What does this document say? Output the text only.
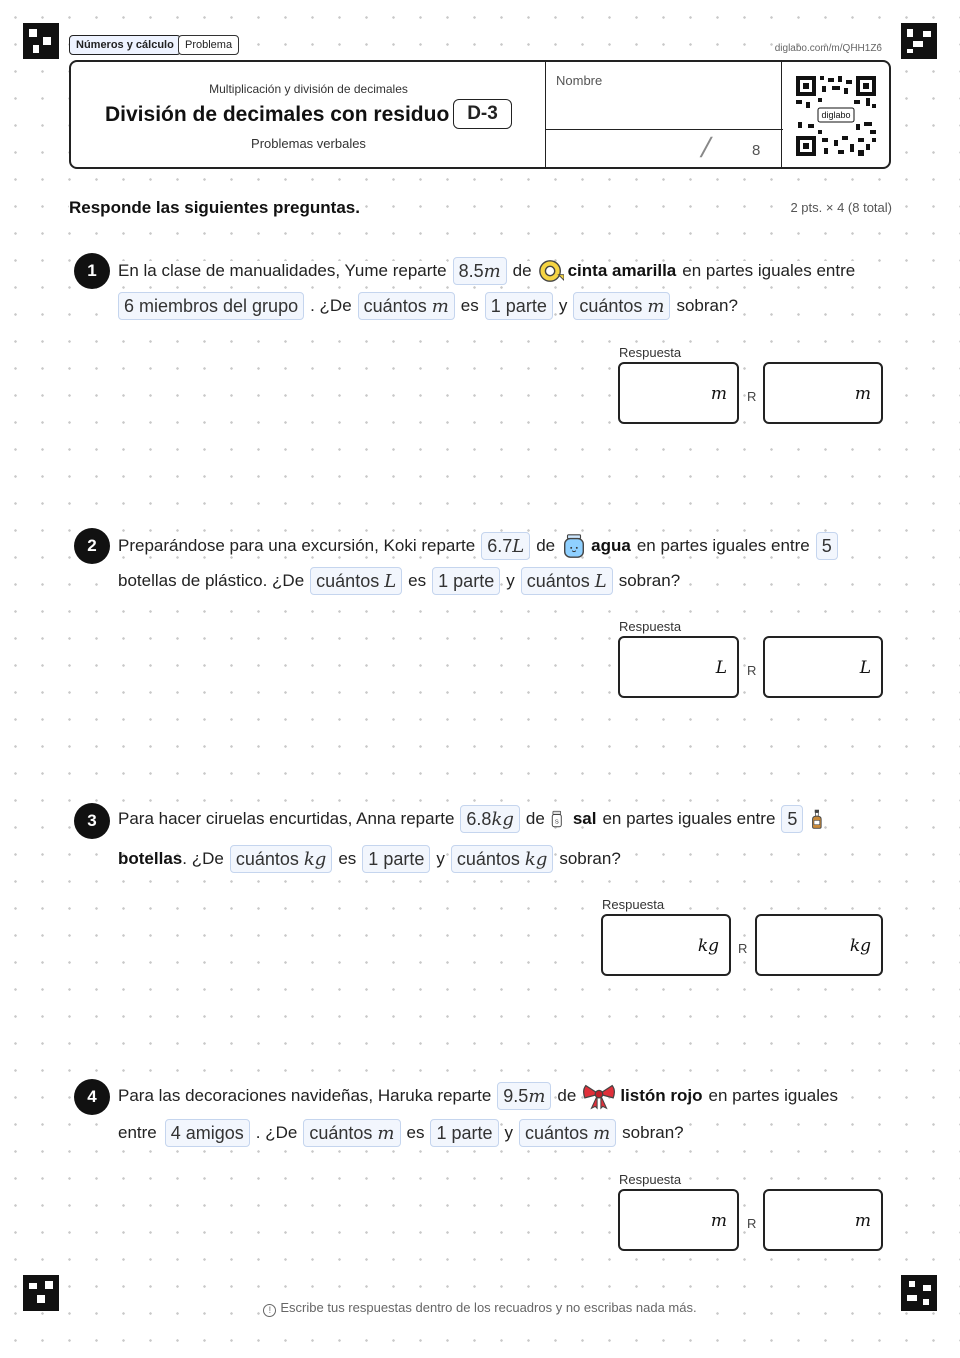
Números y cálculo	Problema	diglabo.com/m/QHH1Z6
Multiplicación y división de decimales
División de decimales con residuo D-3
Problemas verbales
Nombre
/	8
diglabo
Responde las siguientes preguntas.	2 pts. × 4 (8 total)
1	En la clase de manualidades, Yume reparte 8.5m de cinta amarilla en partes iguales entre
6 miembros del grupo . ¿De cuántos m es 1 parte y cuántos m sobran?
Respuesta
m R	m
2	Preparándose para una excursión, Koki reparte 6.7L de agua en partes iguales entre 5
botellas de plástico. ¿De cuántos L es 1 parte y cuántos L sobran?
Respuesta
L R	L
3	Para hacer ciruelas encurtidas, Anna reparte 6.8kg de S sal en partes iguales entre 5
botellas . ¿De cuántos kg es 1 parte y cuántos kg sobran?
Respuesta
kg R	kg
4	Para las decoraciones navideñas, Haruka reparte 9.5m de	listón rojo en partes iguales
entre 4 amigos . ¿De cuántos m es 1 parte y cuántos m sobran?
Respuesta
m R	m
! Escribe tus respuestas dentro de los recuadros y no escribas nada más.
